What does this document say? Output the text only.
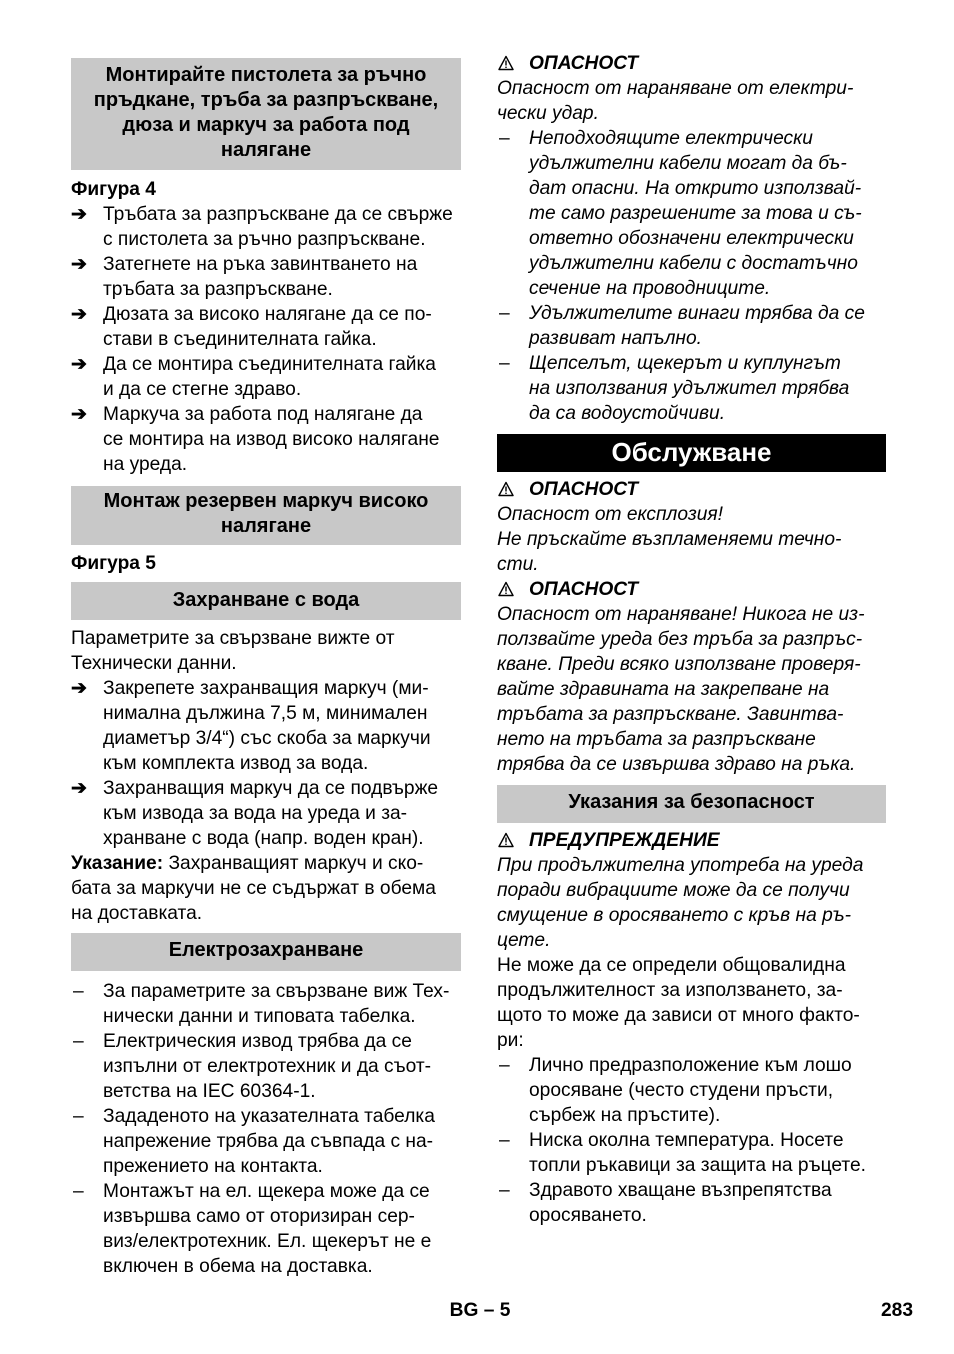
Монтирайте пистолета за ръчно
пръдкане, тръба за разпръскване,
дюза и маркуч за работа под
налягане
Фигура 4
➔ Тръбата за разпръскване да се свърже
с пистолета за ръчно разпръскване.
➔ Затегнете на ръка завинтването на
тръбата за разпръскване.
➔ Дюзата за високо налягане да се по-
стави в съединителната гайка.
➔ Да се монтира съединителната гайка
и да се стегне здраво.
➔ Маркуча за работа под налягане да
се монтира на извод високо налягане
на уреда.
Монтаж резервен маркуч високо
налягане
Фигура 5
Захранване с вода
Параметрите за свързване вижте от
Технически данни.
➔ Закрепете захранващия маркуч (ми-
нимална дължина 7,5 м, минимален
диаметър 3/4“) със скоба за маркучи
към комплекта извод за вода.
➔ Захранващия маркуч да се подвърже
към извода за вода на уреда и за-
хранване с вода (напр. воден кран).
Указание: Захранващият маркуч и ско-
бата за маркучи не се съдържат в обема
на доставката.
Електрозахранване
– За параметрите за свързване виж Тех-
нически данни и типовата табелка.
– Електрическия извод трябва да се
изпълни от електротехник и да съот-
ветства на IEC 60364-1.
– Зададеното на указателната табелка
напрежение трябва да съвпада с на-
прежението на контакта.
– Монтажът на ел. щекера може да се
извършва само от оторизиран сер-
виз/електротехник. Ел. щекерът не е
включен в обема на доставка.
ОПАСНОСТ
Опасност от нараняване от електри-
чески удар.
– Неподходящите електрически
удължителни кабели могат да бъ-
дат опасни. На открито използвай-
те само разрешените за това и съ-
ответно обозначени електрически
удължителни кабели с достатъчно
сечение на проводниците.
– Удължителите винаги трябва да се
развиват напълно.
– Щепселът, щекерът и куплунгът
на използвания удължител трябва
да са водоустойчиви.
Обслужване
ОПАСНОСТ
Опасност от експлозия!
Не пръскайте възпламеняеми течно-
сти.
ОПАСНОСТ
Опасност от нараняване! Никога не из-
ползвайте уреда без тръба за разпръс-
кване. Преди всяко използване проверя-
вайте здравината на закрепване на
тръбата за разпръскване. Завинтва-
нето на тръбата за разпръскване
трябва да се извършва здраво на ръка.
Указания за безопасност
ПРЕДУПРЕЖДЕНИЕ
При продължителна употреба на уреда
поради вибрациите може да се получи
смущение в оросяването с кръв на ръ-
цете.
Не може да се определи общовалидна
продължителност за използването, за-
щото то може да зависи от много факто-
ри:
– Лично предразположение към лошо
оросяване (често студени пръсти,
сърбеж на пръстите).
– Ниска околна температура. Носете
топли ръкавици за защита на ръцете.
– Здравото хващане възпрепятства
оросяването.
BG – 5	283
